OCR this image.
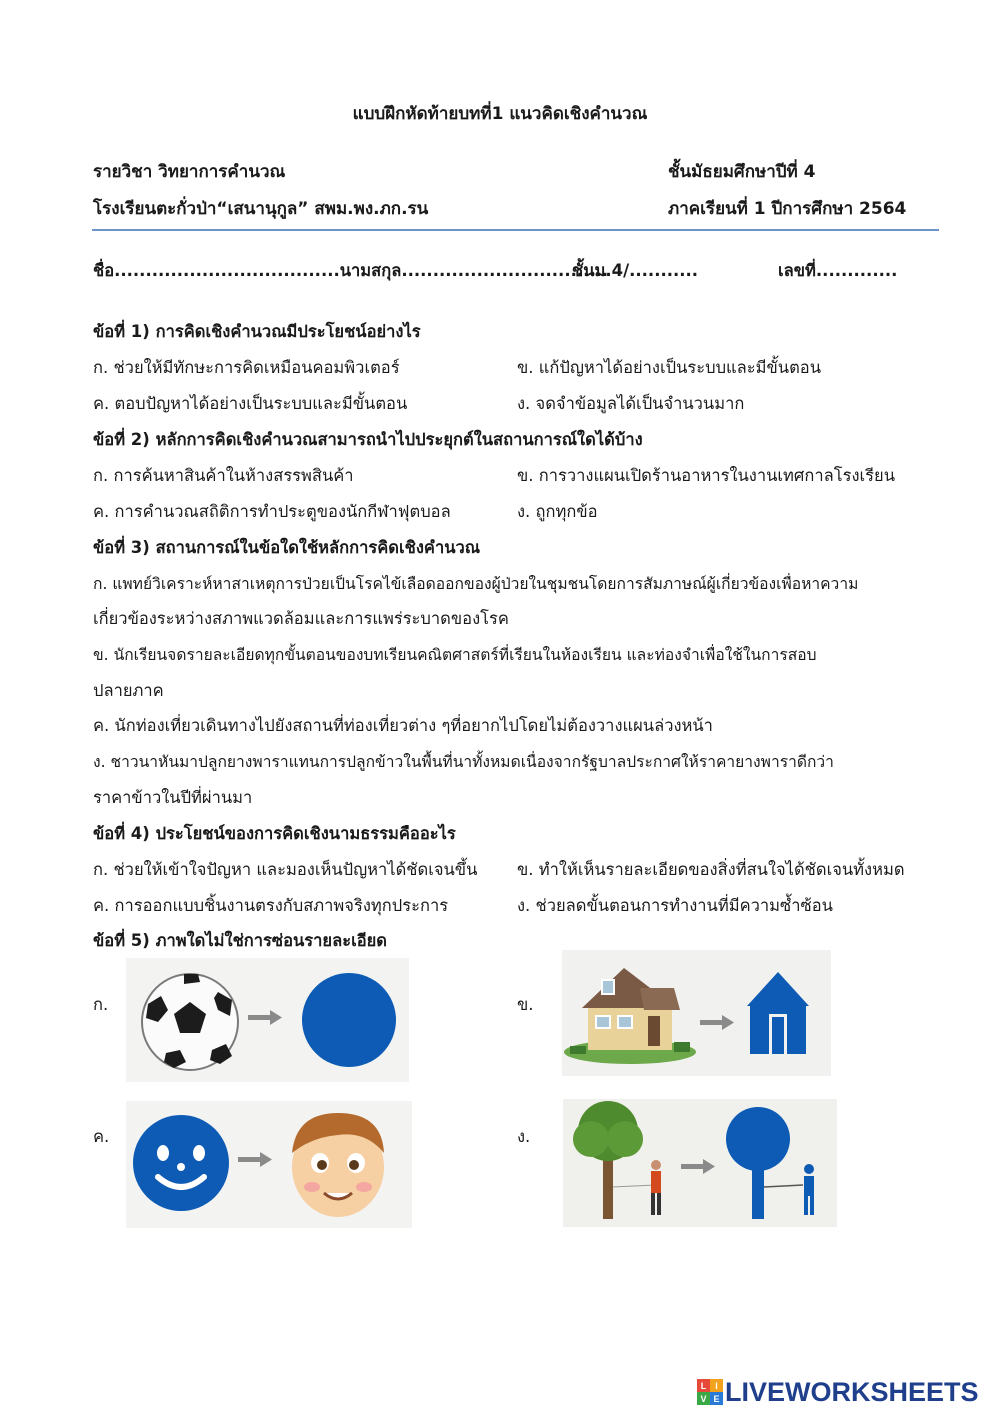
แบบฝึกหัดท้ายบทที่1 แนวคิดเชิงคำนวณ
รายวิชา วิทยาการคำนวณ	ชั้นมัธยมศึกษาปีที่ 4
โรงเรียนตะกั่วป่า“เสนานุกูล” สพม.พง.ภก.รน	ภาคเรียนที่ 1 ปีการศึกษา 2564
ชื่อ....................................นามสกุล.................................
ชั้นม.4/...........	เลขที่.............
ข้อที่ 1) การคิดเชิงคำนวณมีประโยชน์อย่างไร
ก. ช่วยให้มีทักษะการคิดเหมือนคอมพิวเตอร์	ข. แก้ปัญหาได้อย่างเป็นระบบและมีขั้นตอน
ค. ตอบปัญหาได้อย่างเป็นระบบและมีขั้นตอน	ง. จดจำข้อมูลได้เป็นจำนวนมาก
ข้อที่ 2) หลักการคิดเชิงคำนวณสามารถนำไปประยุกต์ในสถานการณ์ใดได้บ้าง
ก. การค้นหาสินค้าในห้างสรรพสินค้า	ข. การวางแผนเปิดร้านอาหารในงานเทศกาลโรงเรียน
ค. การคำนวณสถิติการทำประตูของนักกีฬาฟุตบอล	ง. ถูกทุกข้อ
ข้อที่ 3) สถานการณ์ในข้อใดใช้หลักการคิดเชิงคำนวณ
ก. แพทย์วิเคราะห์หาสาเหตุการป่วยเป็นโรคไข้เลือดออกของผู้ป่วยในชุมชนโดยการสัมภาษณ์ผู้เกี่ยวข้องเพื่อหาความ
เกี่ยวข้องระหว่างสภาพแวดล้อมและการแพร่ระบาดของโรค
ข. นักเรียนจดรายละเอียดทุกขั้นตอนของบทเรียนคณิตศาสตร์ที่เรียนในห้องเรียน และท่องจำเพื่อใช้ในการสอบ
ปลายภาค
ค. นักท่องเที่ยวเดินทางไปยังสถานที่ท่องเที่ยวต่าง ๆที่อยากไปโดยไม่ต้องวางแผนล่วงหน้า
ง. ชาวนาหันมาปลูกยางพาราแทนการปลูกข้าวในพื้นที่นาทั้งหมดเนื่องจากรัฐบาลประกาศให้ราคายางพาราดีกว่า
ราคาข้าวในปีที่ผ่านมา
ข้อที่ 4) ประโยชน์ของการคิดเชิงนามธรรมคืออะไร
ก. ช่วยให้เข้าใจปัญหา และมองเห็นปัญหาได้ชัดเจนขึ้น ข. ทำให้เห็นรายละเอียดของสิ่งที่สนใจได้ชัดเจนทั้งหมด
ค. การออกแบบชิ้นงานตรงกับสภาพจริงทุกประการ	ง. ช่วยลดขั้นตอนการทำงานที่มีความซ้ำซ้อน
ข้อที่ 5) ภาพใดไม่ใช่การซ่อนรายละเอียด
ก.	ข.
ค.	ง.
L I
V E LIVEWORKSHEETS
